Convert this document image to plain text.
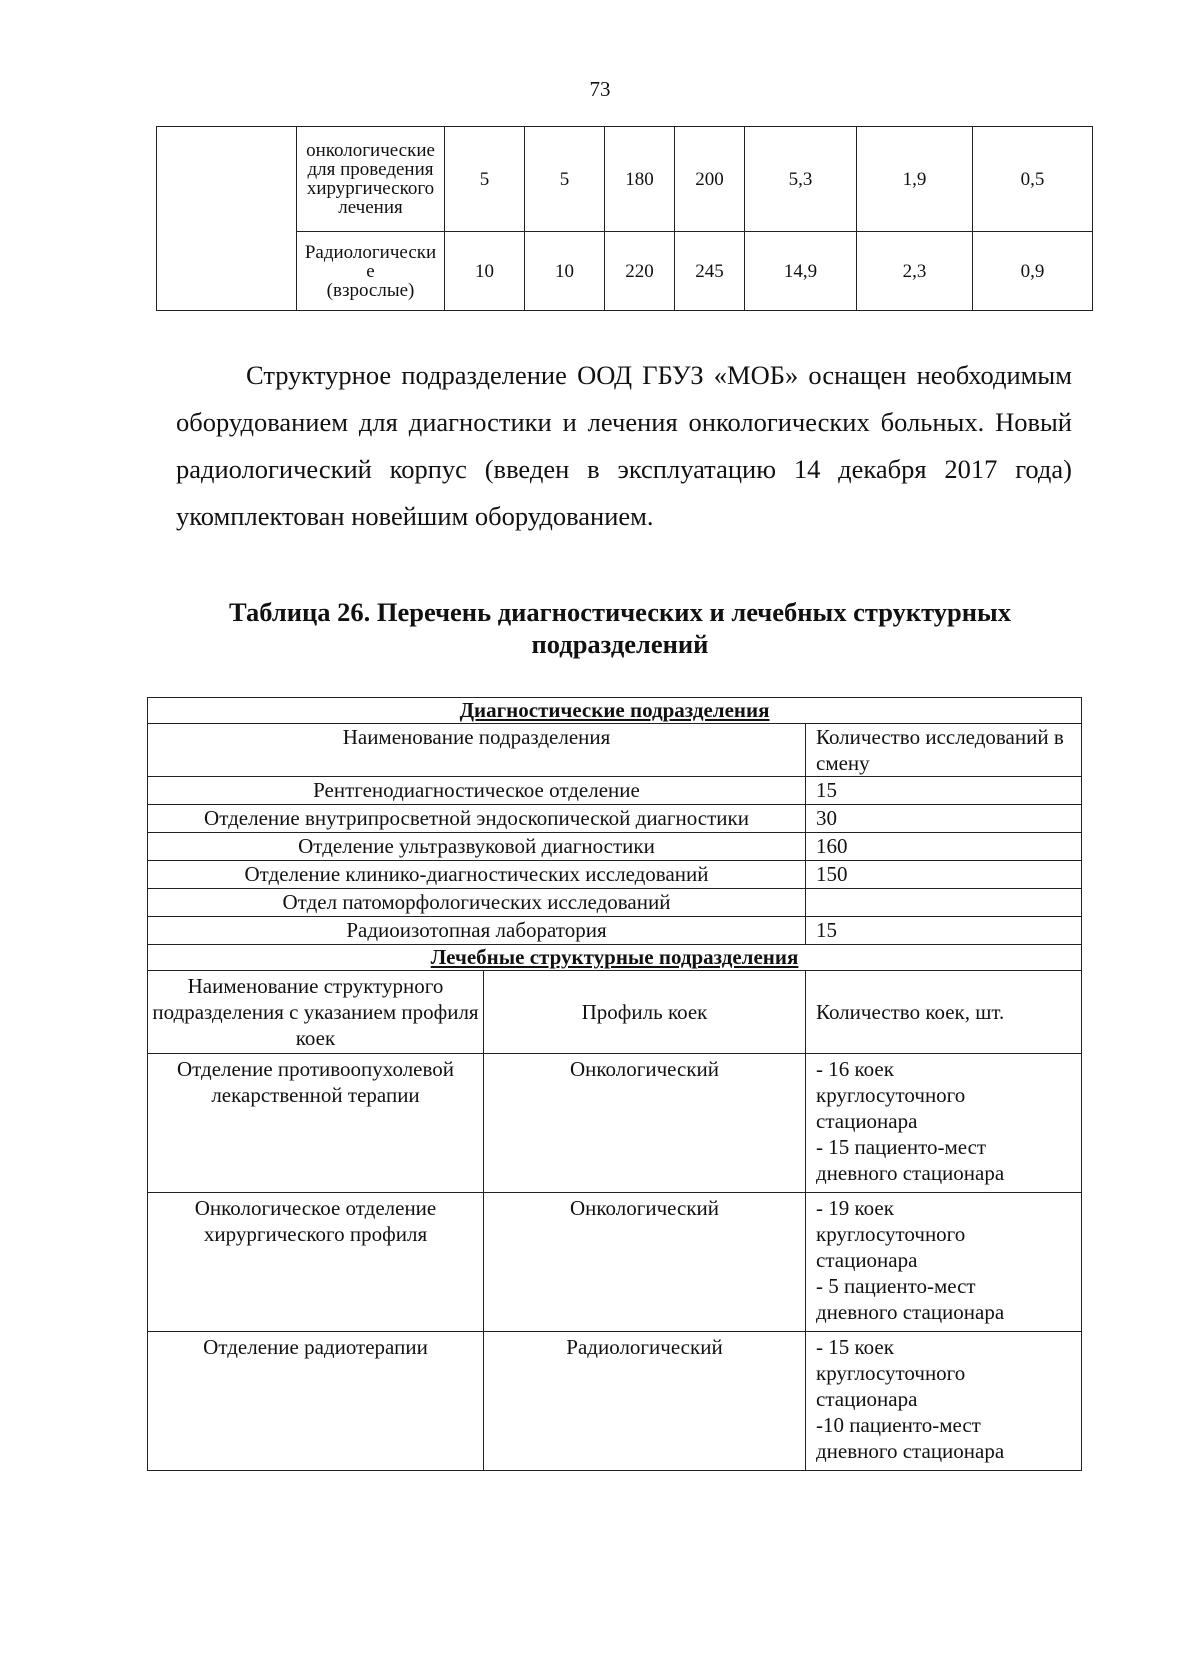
73

	онкологические
для проведения
хирургического
лечения	5	5	180	200	5,3	1,9	0,5

	Радиологически
е
(взрослые)	10	10	220	245	14,9	2,3	0,9

Структурное подразделение ООД ГБУЗ «МОБ» оснащен необходимым оборудованием для диагностики и лечения онкологических больных. Новый радиологический корпус (введен в эксплуатацию 14 декабря 2017 года) укомплектован новейшим оборудованием.

Таблица 26. Перечень диагностических и лечебных структурных подразделений
Диагностические подразделения		
Наименование подразделения		Количество исследований в смену
Рентгенодиагностическое отделение		15
Отделение внутрипросветной эндоскопической диагностики		30
Отделение ультразвуковой диагностики		160
Отделение клинико-диагностических исследований		150
Отдел патоморфологических исследований		
Радиоизотопная лаборатория		15
Лечебные структурные подразделения		
Наименование структурного подразделения с указанием профиля коек	Профиль коек	Количество коек, шт.
Отделение противоопухолевой лекарственной терапии	Онкологический	- 16 коек
круглосуточного
стационара
- 15 пациенто-мест
дневного стационара

Онкологическое отделение хирургического профиля	Онкологический	- 19 коек
круглосуточного
стационара
- 5 пациенто-мест
дневного стационара

Отделение радиотерапии	Радиологический	- 15 коек
круглосуточного
стационара
-10 пациенто-мест
дневного стационара
